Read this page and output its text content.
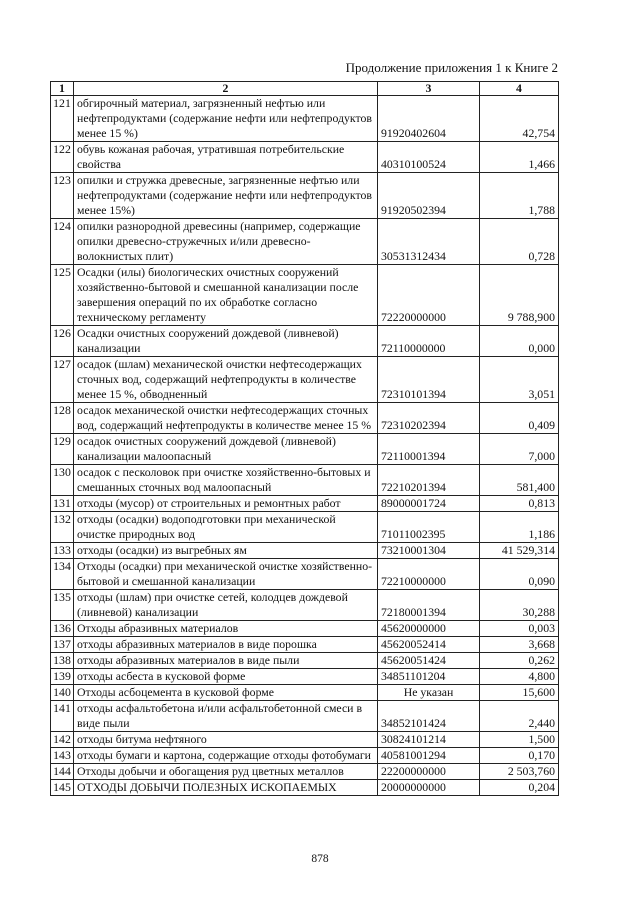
Продолжение приложения 1 к Книге 2
1	2	3	4
121	обгирочный материал, загрязненный нефтью или нефтепродуктами (содержание нефти или нефтепродуктов менее 15 %)	91920402604	42,754
122	обувь кожаная рабочая, утратившая потребительские свойства	40310100524	1,466
123	опилки и стружка древесные, загрязненные нефтью или нефтепродуктами (содержание нефти или нефтепродуктов менее 15%)	91920502394	1,788
124	опилки разнородной древесины (например, содержащие опилки древесно-стружечных и/или древесно-волокнистых плит)	30531312434	0,728
125	Осадки (илы) биологических очистных сооружений хозяйственно-бытовой и смешанной канализации после завершения операций по их обработке согласно техническому регламенту	72220000000	9 788,900
126	Осадки очистных сооружений дождевой (ливневой) канализации	72110000000	0,000
127	осадок (шлам) механической очистки нефтесодержащих сточных вод, содержащий нефтепродукты в количестве менее 15 %, обводненный	72310101394	3,051
128	осадок механической очистки нефтесодержащих сточных вод, содержащий нефтепродукты в количестве менее 15 %	72310202394	0,409
129	осадок очистных сооружений дождевой (ливневой) канализации малоопасный	72110001394	7,000
130	осадок с песколовок при очистке хозяйственно-бытовых и смешанных сточных вод малоопасный	72210201394	581,400
131	отходы (мусор) от строительных и ремонтных работ	89000001724	0,813
132	отходы (осадки) водоподготовки при механической очистке природных вод	71011002395	1,186
133	отходы (осадки) из выгребных ям	73210001304	41 529,314
134	Отходы (осадки) при механической очистке хозяйственно-бытовой и смешанной канализации	72210000000	0,090
135	отходы (шлам) при очистке сетей, колодцев дождевой (ливневой) канализации	72180001394	30,288
136	Отходы абразивных материалов	45620000000	0,003
137	отходы абразивных материалов в виде порошка	45620052414	3,668
138	отходы абразивных материалов в виде пыли	45620051424	0,262
139	отходы асбеста в кусковой форме	34851101204	4,800
140	Отходы асбоцемента в кусковой форме	Не указан	15,600
141	отходы асфальтобетона и/или асфальтобетонной смеси в виде пыли	34852101424	2,440
142	отходы битума нефтяного	30824101214	1,500
143	отходы бумаги и картона, содержащие отходы фотобумаги	40581001294	0,170
144	Отходы добычи и обогащения руд цветных металлов	22200000000	2 503,760
145	ОТХОДЫ ДОБЫЧИ ПОЛЕЗНЫХ ИСКОПАЕМЫХ	20000000000	0,204
878
